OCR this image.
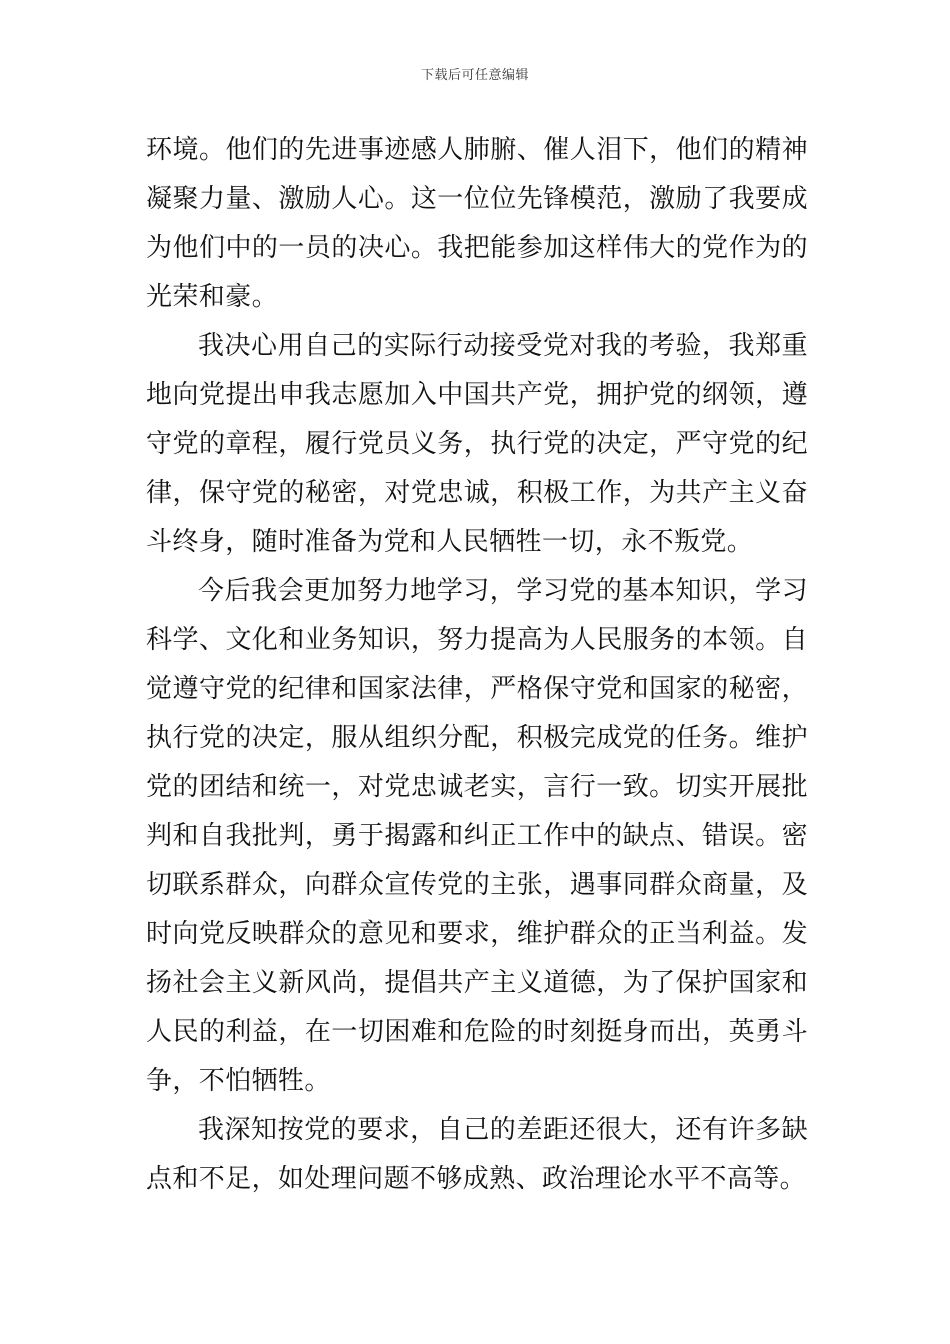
下载后可任意编辑

环境。他们的先进事迹感人肺腑、催人泪下，他们的精神凝聚力量、激励人心。这一位位先锋模范，激励了我要成为他们中的一员的决心。我把能参加这样伟大的党作为的光荣和豪。

我决心用自己的实际行动接受党对我的考验，我郑重地向党提出申我志愿加入中国共产党，拥护党的纲领，遵守党的章程，履行党员义务，执行党的决定，严守党的纪律，保守党的秘密，对党忠诚，积极工作，为共产主义奋斗终身，随时准备为党和人民牺牲一切，永不叛党。

今后我会更加努力地学习，学习党的基本知识，学习科学、文化和业务知识，努力提高为人民服务的本领。自觉遵守党的纪律和国家法律，严格保守党和国家的秘密，执行党的决定，服从组织分配，积极完成党的任务。维护党的团结和统一，对党忠诚老实，言行一致。切实开展批判和自我批判，勇于揭露和纠正工作中的缺点、错误。密切联系群众，向群众宣传党的主张，遇事同群众商量，及时向党反映群众的意见和要求，维护群众的正当利益。发扬社会主义新风尚，提倡共产主义道德，为了保护国家和人民的利益，在一切困难和危险的时刻挺身而出，英勇斗争，不怕牺牲。

我深知按党的要求，自己的差距还很大，还有许多缺点和不足，如处理问题不够成熟、政治理论水平不高等。
